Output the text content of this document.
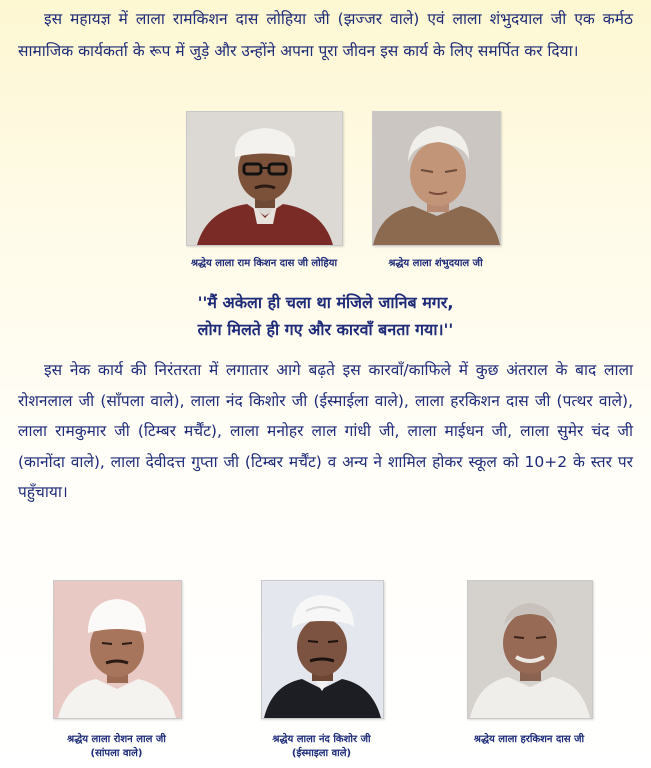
इस महायज्ञ में लाला रामकिशन दास लोहिया जी (झज्जर वाले) एवं लाला शंभुदयाल जी एक कर्मठ सामाजिक कार्यकर्ता के रूप में जुड़े और उन्होंने अपना पूरा जीवन इस कार्य के लिए समर्पित कर दिया।

श्रद्धेय लाला राम किशन दास जी लोहिया	श्रद्धेय लाला शंभुदयाल जी
''मैं अकेला ही चला था मंजिले जानिब मगर,
लोग मिलते ही गए और कारवाँ बनता गया।''

इस नेक कार्य की निरंतरता में लगातार आगे बढ़ते इस कारवाँ/काफिले में कुछ अंतराल के बाद लाला रोशनलाल जी (साँपला वाले), लाला नंद किशोर जी (ईस्माईला वाले), लाला हरकिशन दास जी (पत्थर वाले), लाला रामकुमार जी (टिम्बर मर्चैंट), लाला मनोहर लाल गांधी जी, लाला माईधन जी, लाला सुमेर चंद जी (कानोंदा वाले), लाला देवीदत्त गुप्ता जी (टिम्बर मर्चैंट) व अन्य ने शामिल होकर स्कूल को 10+2 के स्तर पर पहुँचाया।

श्रद्धेय लाला रोशन लाल जी
(सांपला वाले)
श्रद्धेय लाला नंद किशोर जी
(ईस्माइला वाले)
श्रद्धेय लाला हरकिशन दास जी
